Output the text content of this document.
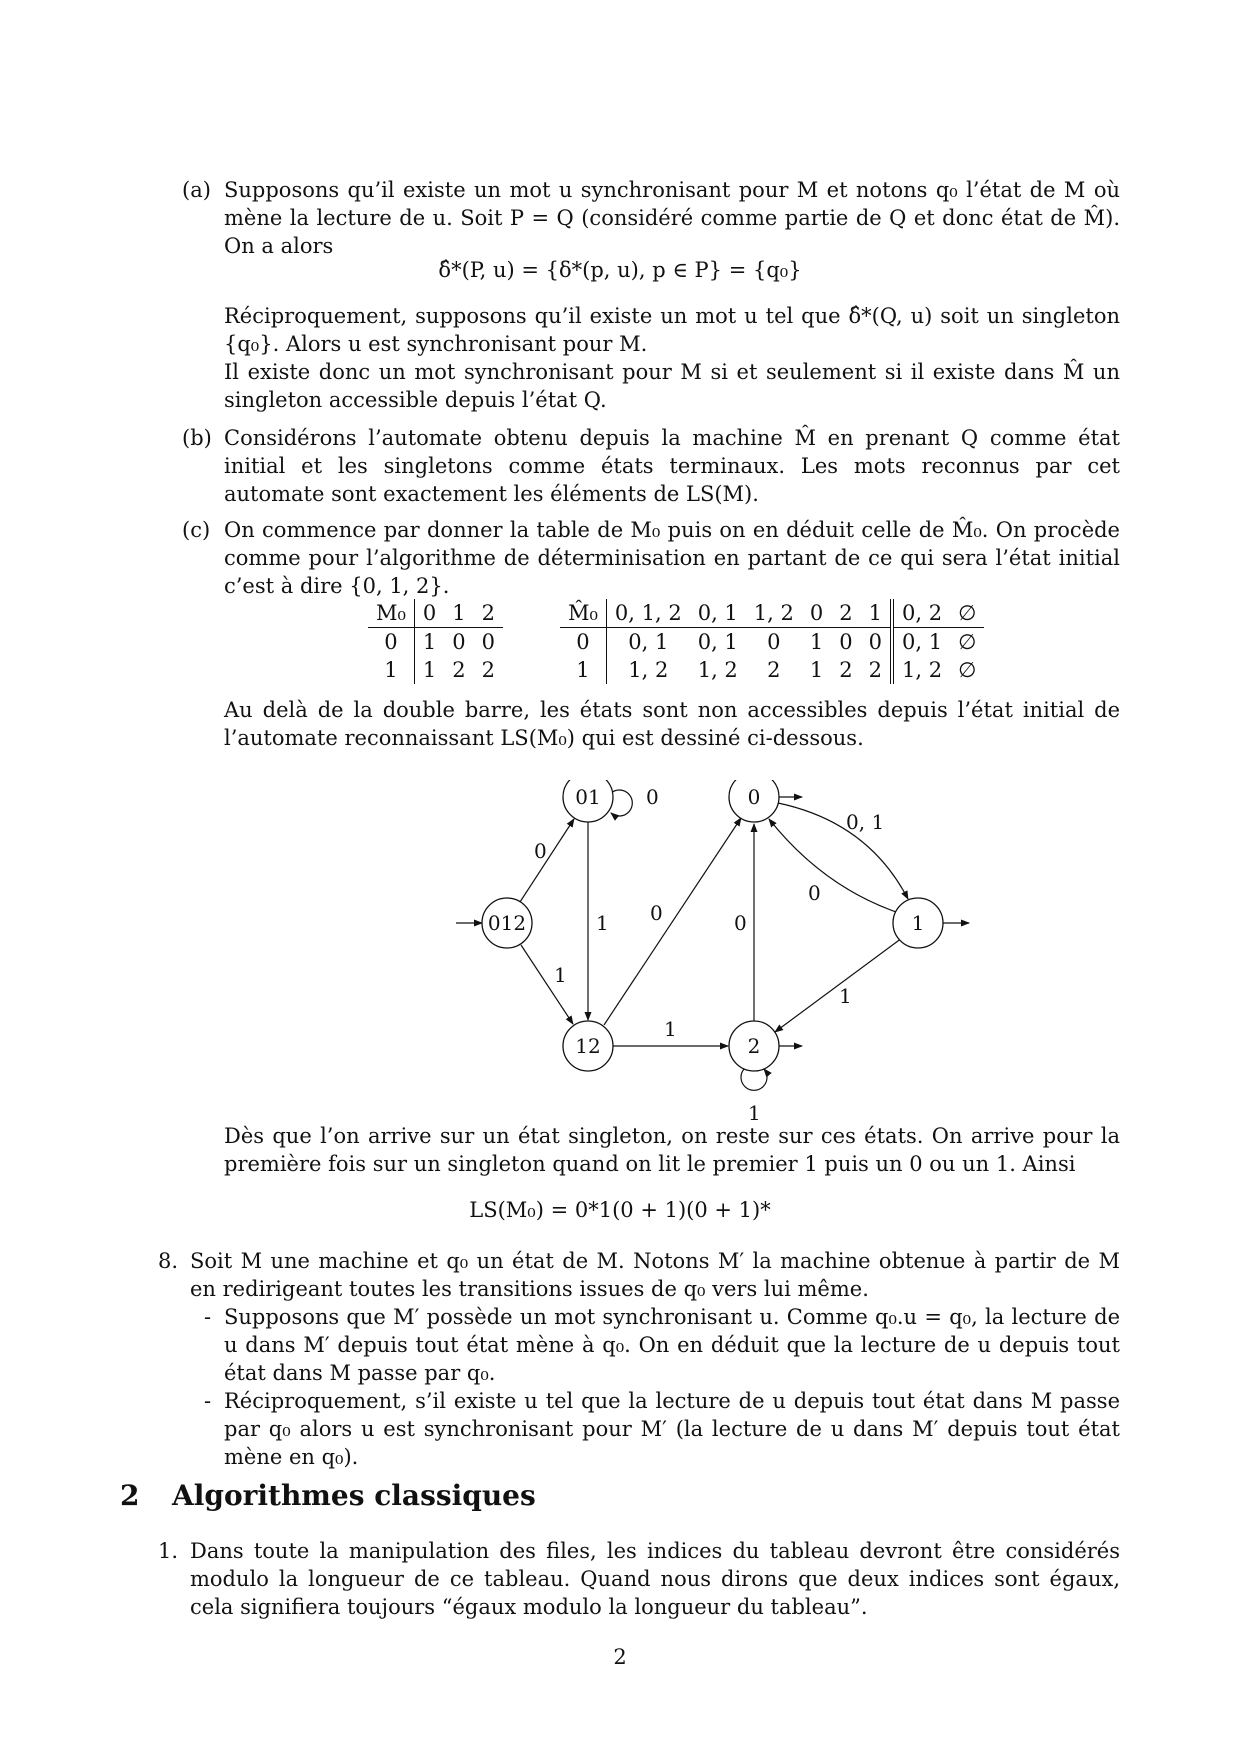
(a) Supposons qu’il existe un mot u synchronisant pour M et notons q₀ l’état de M où mène la lecture de u. Soit P = Q (considéré comme partie de Q et donc état de M̂). On a alors
δ̂*(P, u) = {δ*(p, u), p ∈ P} = {q₀}
Réciproquement, supposons qu’il existe un mot u tel que δ̂*(Q, u) soit un singleton {q₀}. Alors u est synchronisant pour M.
Il existe donc un mot synchronisant pour M si et seulement si il existe dans M̂ un singleton accessible depuis l’état Q.
(b) Considérons l’automate obtenu depuis la machine M̂ en prenant Q comme état initial et les singletons comme états terminaux. Les mots reconnus par cet automate sont exactement les éléments de LS(M).
(c) On commence par donner la table de M₀ puis on en déduit celle de M̂₀. On procède comme pour l’algorithme de déterminisation en partant de ce qui sera l’état initial c’est à dire {0, 1, 2}.
M₀	0	1	2
0	1	0	0
1	1	2	2
M̂₀	0, 1, 2	0, 1	1, 2	0	2	1	0, 2	∅
0	0, 1	0, 1	0	1	0	0	0, 1	∅
1	1, 2	1, 2	2	1	2	2	1, 2	∅
Au delà de la double barre, les états sont non accessibles depuis l’état initial de l’automate reconnaissant LS(M₀) qui est dessiné ci-dessous.
012
01
12
0
1
2
0
0
1
1 0
1
0
0, 1
0
1
1
Dès que l’on arrive sur un état singleton, on reste sur ces états. On arrive pour la première fois sur un singleton quand on lit le premier 1 puis un 0 ou un 1. Ainsi
LS(M₀) = 0*1(0 + 1)(0 + 1)*
8. Soit M une machine et q₀ un état de M. Notons M′ la machine obtenue à partir de M en redirigeant toutes les transitions issues de q₀ vers lui même.
- Supposons que M′ possède un mot synchronisant u. Comme q₀.u = q₀, la lecture de u dans M′ depuis tout état mène à q₀. On en déduit que la lecture de u depuis tout état dans M passe par q₀.
- Réciproquement, s’il existe u tel que la lecture de u depuis tout état dans M passe par q₀ alors u est synchronisant pour M′ (la lecture de u dans M′ depuis tout état mène en q₀).
2 Algorithmes classiques
1. Dans toute la manipulation des files, les indices du tableau devront être considérés modulo la longueur de ce tableau. Quand nous dirons que deux indices sont égaux, cela signifiera toujours “égaux modulo la longueur du tableau”.
2
